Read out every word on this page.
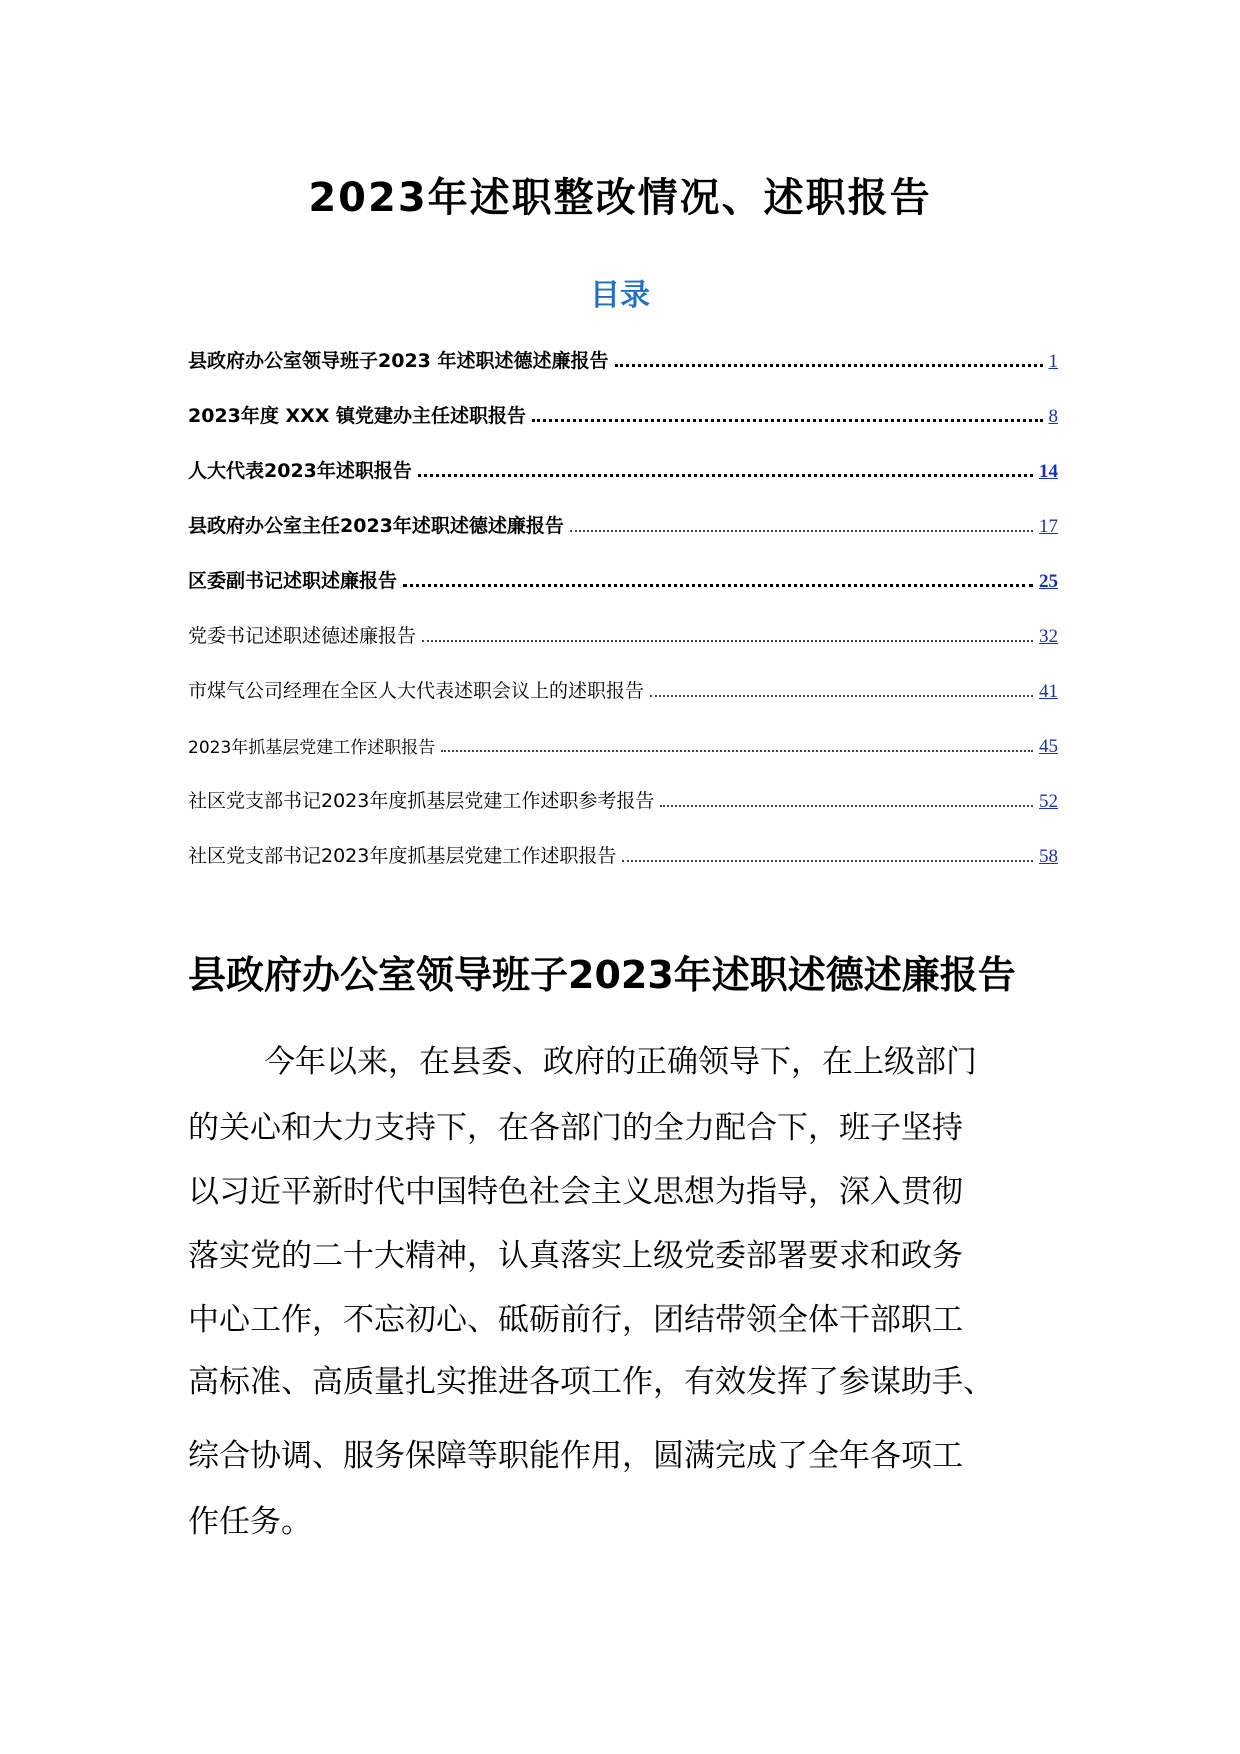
2023年述职整改情况、述职报告
目录
县政府办公室领导班子2023 年述职述德述廉报告	1
2023年度 XXX 镇党建办主任述职报告	8
人大代表2023年述职报告	14
县政府办公室主任2023年述职述德述廉报告	17
区委副书记述职述廉报告	25
党委书记述职述德述廉报告	32
市煤气公司经理在全区人大代表述职会议上的述职报告	41
2023年抓基层党建工作述职报告	45
社区党支部书记2023年度抓基层党建工作述职参考报告	52
社区党支部书记2023年度抓基层党建工作述职报告	58
县政府办公室领导班子2023年述职述德述廉报告
今年以来，在县委、政府的正确领导下，在上级部门
的关心和大力支持下，在各部门的全力配合下，班子坚持
以习近平新时代中国特色社会主义思想为指导，深入贯彻
落实党的二十大精神，认真落实上级党委部署要求和政务
中心工作，不忘初心、砥砺前行，团结带领全体干部职工
高标准、高质量扎实推进各项工作，有效发挥了参谋助手、
综合协调、服务保障等职能作用，圆满完成了全年各项工
作任务。
